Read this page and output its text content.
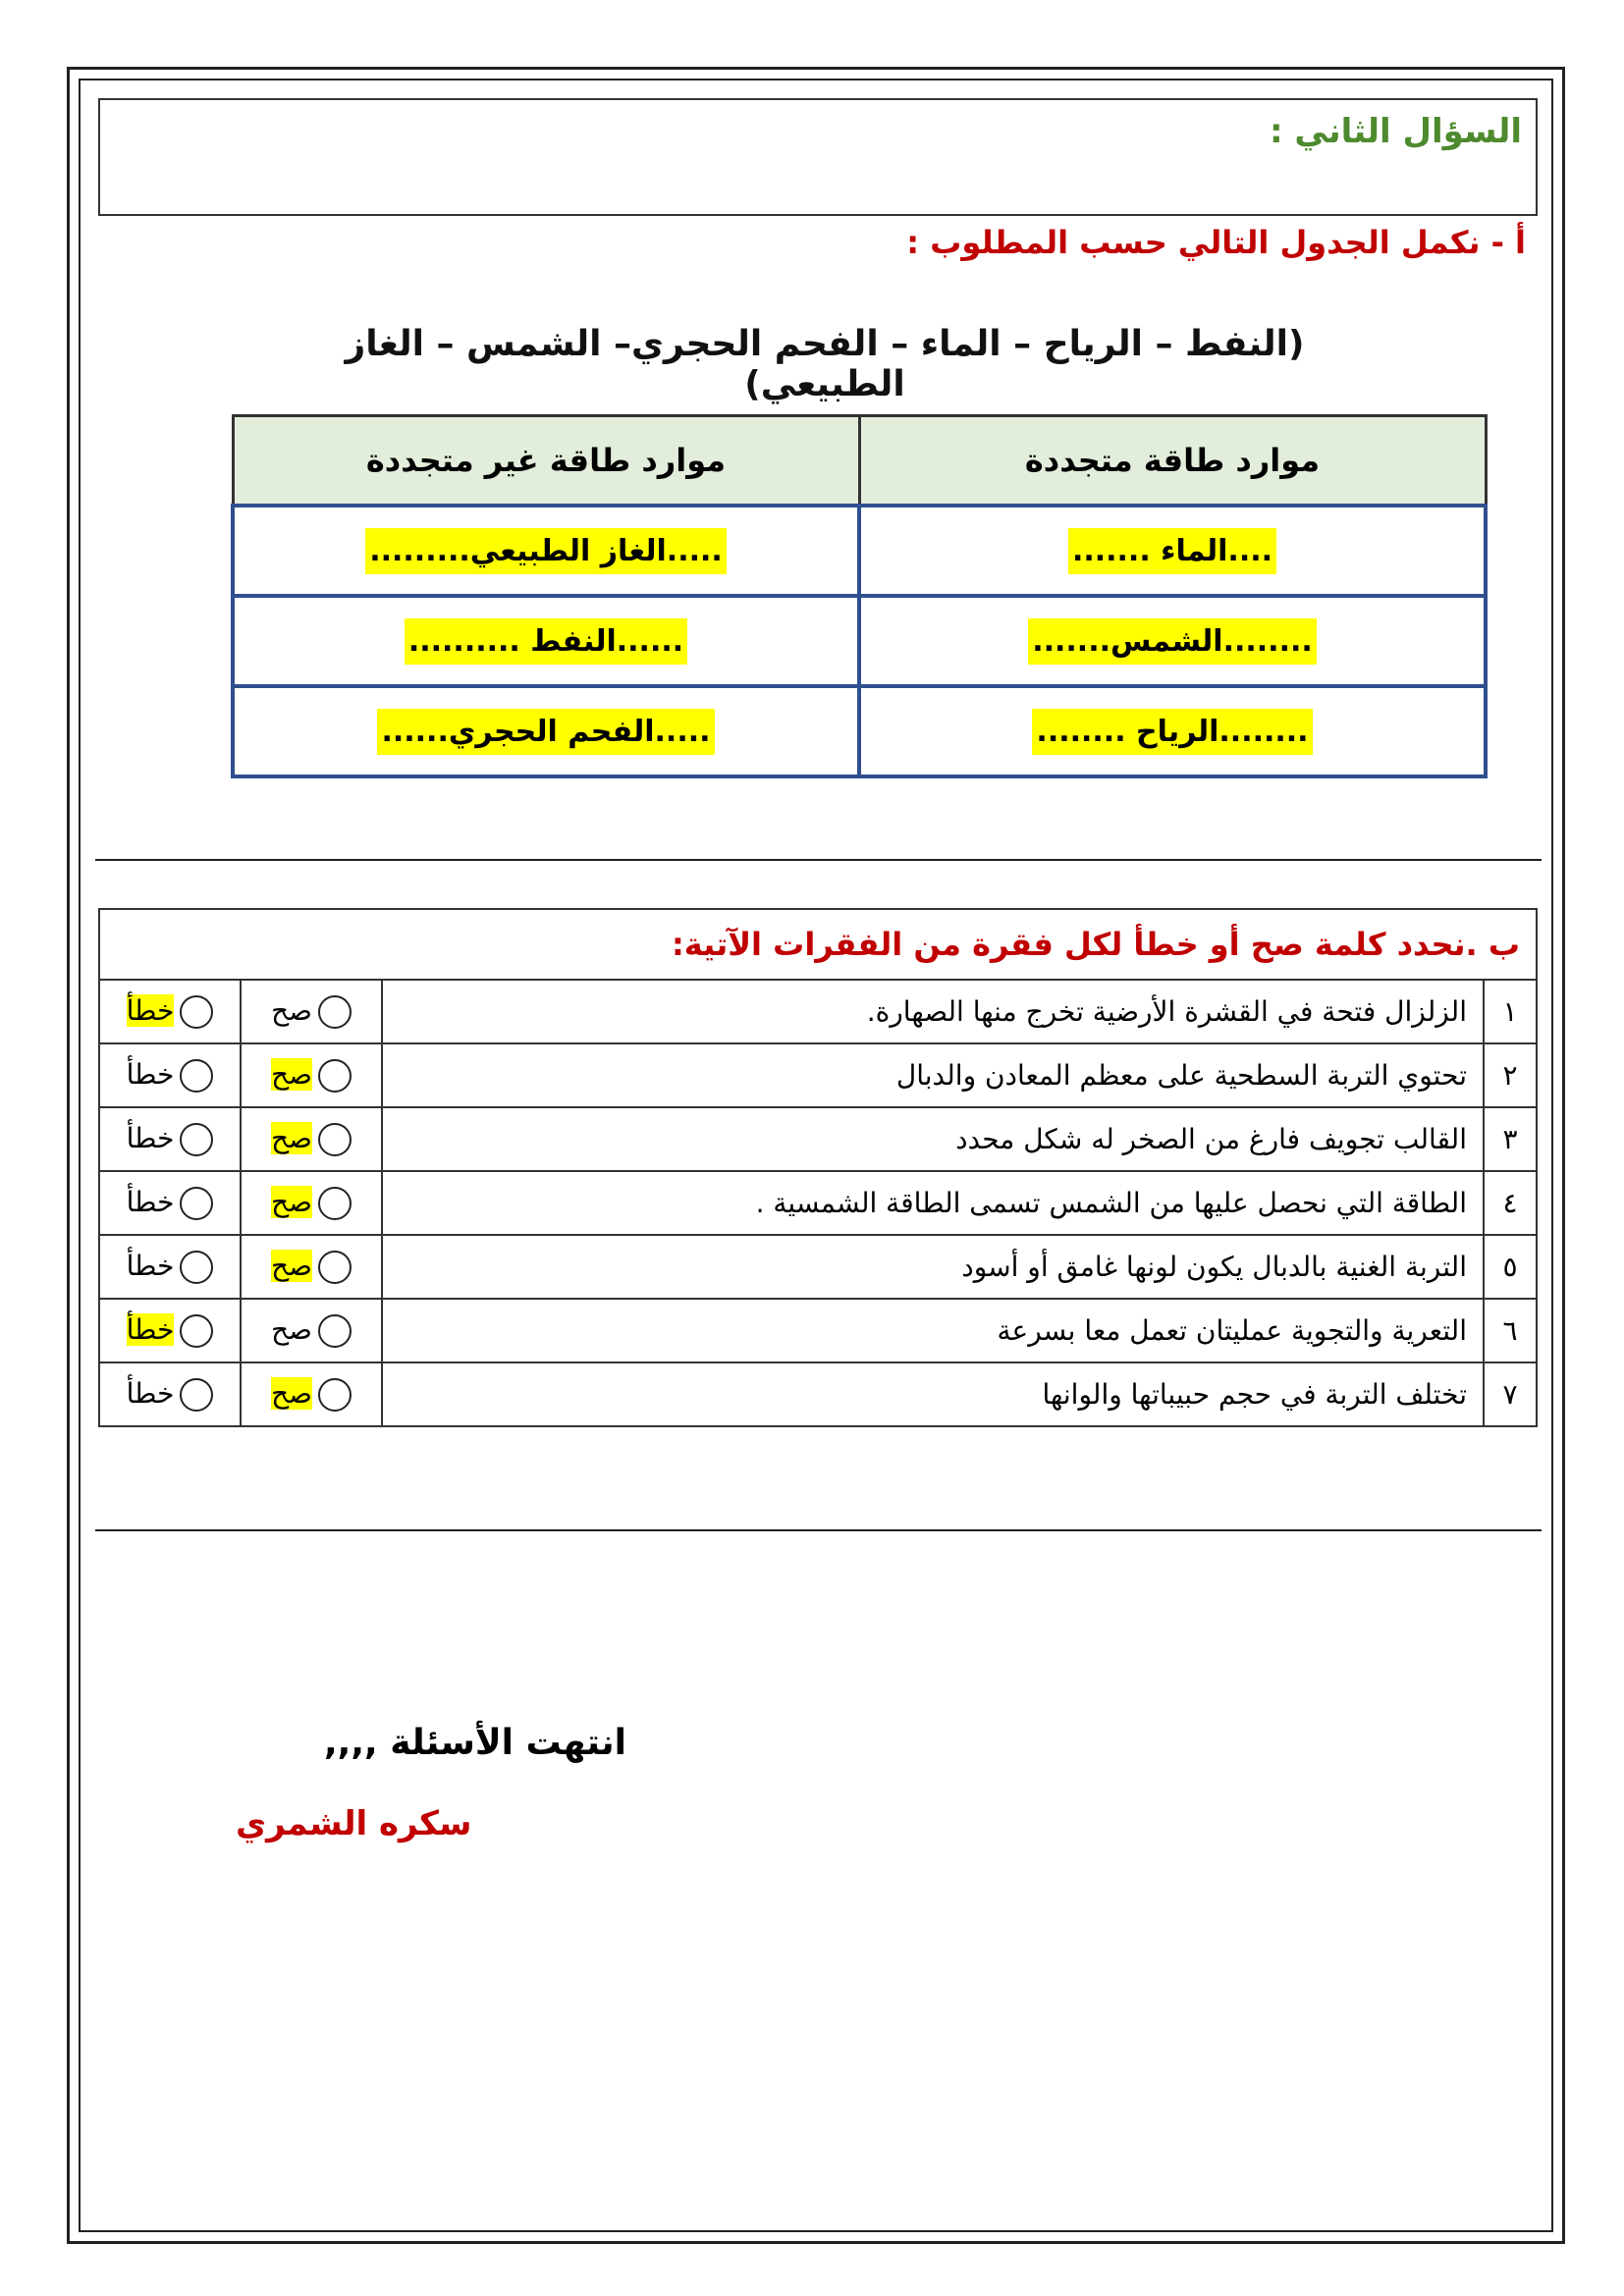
السؤال الثاني :
أ - نكمل الجدول التالي حسب المطلوب :
(النفط – الرياح – الماء – الفحم الحجري– الشمس – الغاز الطبيعي)
موارد طاقة متجددة	موارد طاقة غير متجددة
....الماء .......	.....الغاز الطبيعي.........
........الشمس.......	......النفط ..........
........الرياح ........	.....الفحم الحجري......
ب .نحدد كلمة صح أو خطأ لكل فقرة من الفقرات الآتية:			
١	الزلزال فتحة في القشرة الأرضية تخرج منها الصهارة.	صح	خطأ
٢	تحتوي التربة السطحية على معظم المعادن والدبال	صح	خطأ
٣	القالب تجويف فارغ من الصخر له شكل محدد	صح	خطأ
٤	الطاقة التي نحصل عليها من الشمس تسمى الطاقة الشمسية .	صح	خطأ
٥	التربة الغنية بالدبال يكون لونها غامق أو أسود	صح	خطأ
٦	التعرية والتجوية عمليتان تعمل معا بسرعة	صح	خطأ
٧	تختلف التربة في حجم حبيباتها والوانها	صح	خطأ
انتهت الأسئلة ,,,,
سكره الشمري
